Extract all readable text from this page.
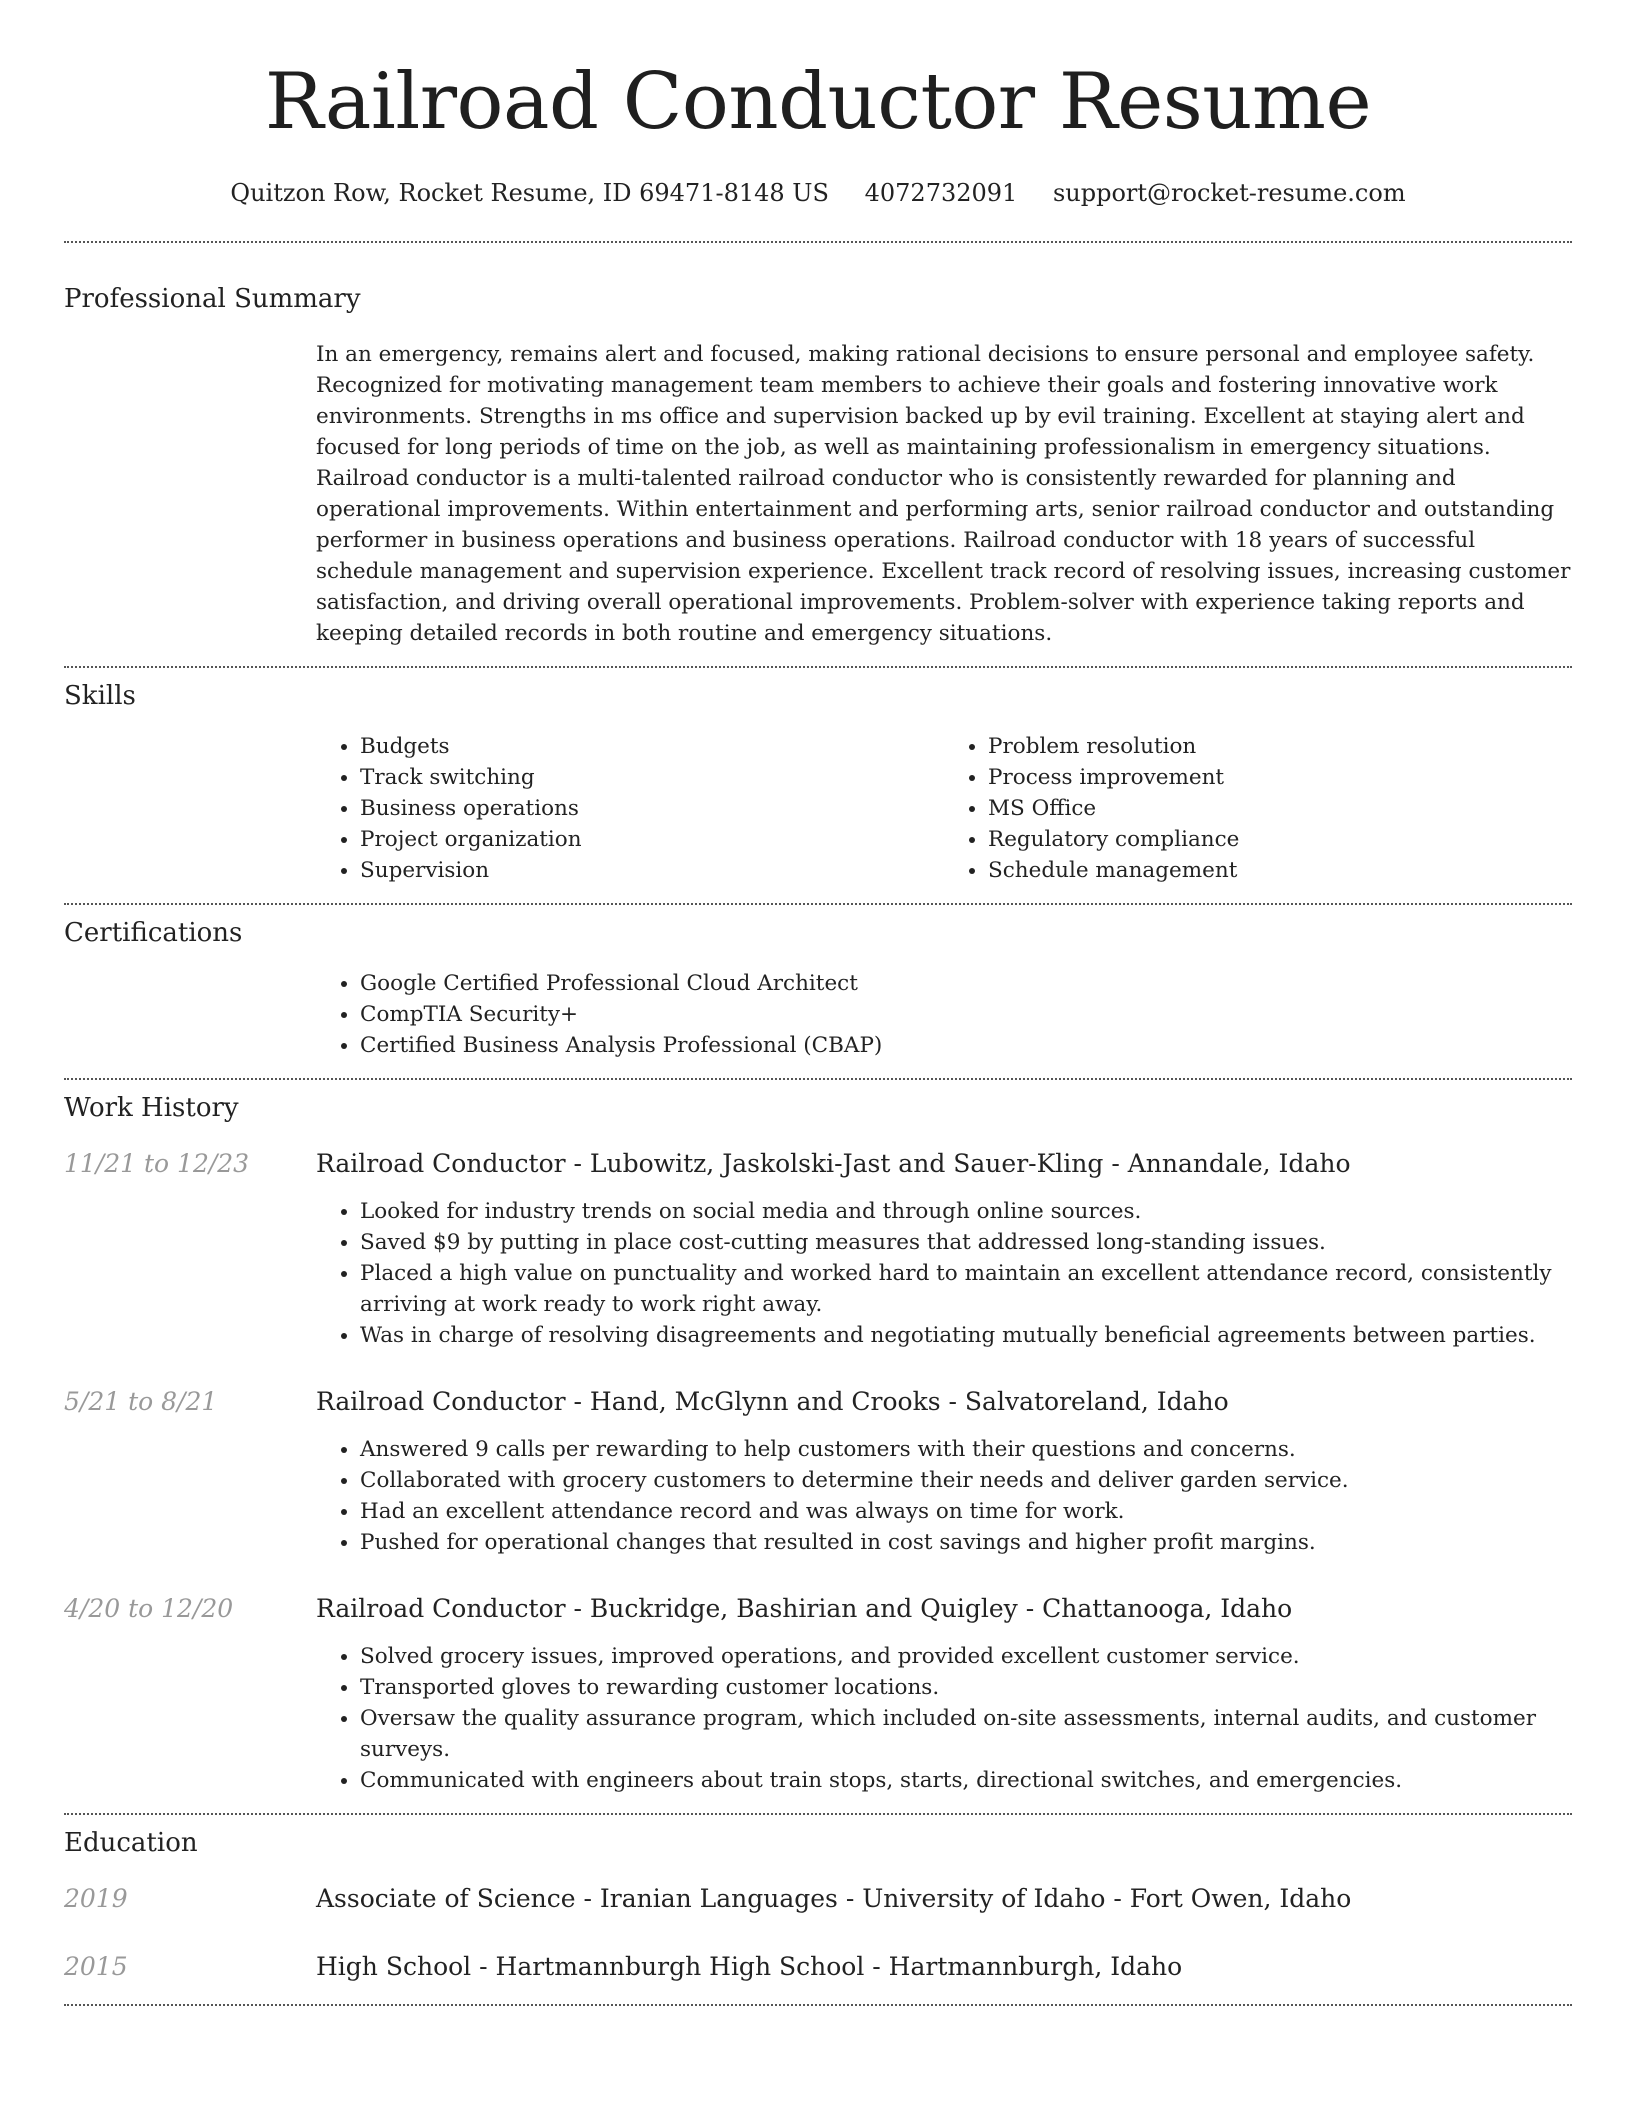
Railroad Conductor Resume
Quitzon Row, Rocket Resume, ID 69471-8148 US 4072732091 support@rocket-resume.com
Professional Summary

In an emergency, remains alert and focused, making rational decisions to ensure personal and employee safety. Recognized for motivating management team members to achieve their goals and fostering innovative work environments. Strengths in ms office and supervision backed up by evil training. Excellent at staying alert and focused for long periods of time on the job, as well as maintaining professionalism in emergency situations. Railroad conductor is a multi-talented railroad conductor who is consistently rewarded for planning and operational improvements. Within entertainment and performing arts, senior railroad conductor and outstanding performer in business operations and business operations. Railroad conductor with 18 years of successful schedule management and supervision experience. Excellent track record of resolving issues, increasing customer satisfaction, and driving overall operational improvements. Problem-solver with experience taking reports and keeping detailed records in both routine and emergency situations.

Skills
• Budgets
• Track switching
• Business operations
• Project organization
• Supervision
• Problem resolution
• Process improvement
• MS Office
• Regulatory compliance
• Schedule management
Certifications
• Google Certified Professional Cloud Architect
• CompTIA Security+
• Certified Business Analysis Professional (CBAP)
Work History
11/21 to 12/23	Railroad Conductor - Lubowitz, Jaskolski-Jast and Sauer-Kling - Annandale, Idaho
• Looked for industry trends on social media and through online sources.
• Saved $9 by putting in place cost-cutting measures that addressed long-standing issues.
• Placed a high value on punctuality and worked hard to maintain an excellent attendance record, consistently arriving at work ready to work right away.
• Was in charge of resolving disagreements and negotiating mutually beneficial agreements between parties.
5/21 to 8/21	Railroad Conductor - Hand, McGlynn and Crooks - Salvatoreland, Idaho
• Answered 9 calls per rewarding to help customers with their questions and concerns.
• Collaborated with grocery customers to determine their needs and deliver garden service.
• Had an excellent attendance record and was always on time for work.
• Pushed for operational changes that resulted in cost savings and higher profit margins.
4/20 to 12/20	Railroad Conductor - Buckridge, Bashirian and Quigley - Chattanooga, Idaho
• Solved grocery issues, improved operations, and provided excellent customer service.
• Transported gloves to rewarding customer locations.
• Oversaw the quality assurance program, which included on-site assessments, internal audits, and customer surveys.
• Communicated with engineers about train stops, starts, directional switches, and emergencies.
Education
2019	Associate of Science - Iranian Languages - University of Idaho - Fort Owen, Idaho
2015	High School - Hartmannburgh High School - Hartmannburgh, Idaho
